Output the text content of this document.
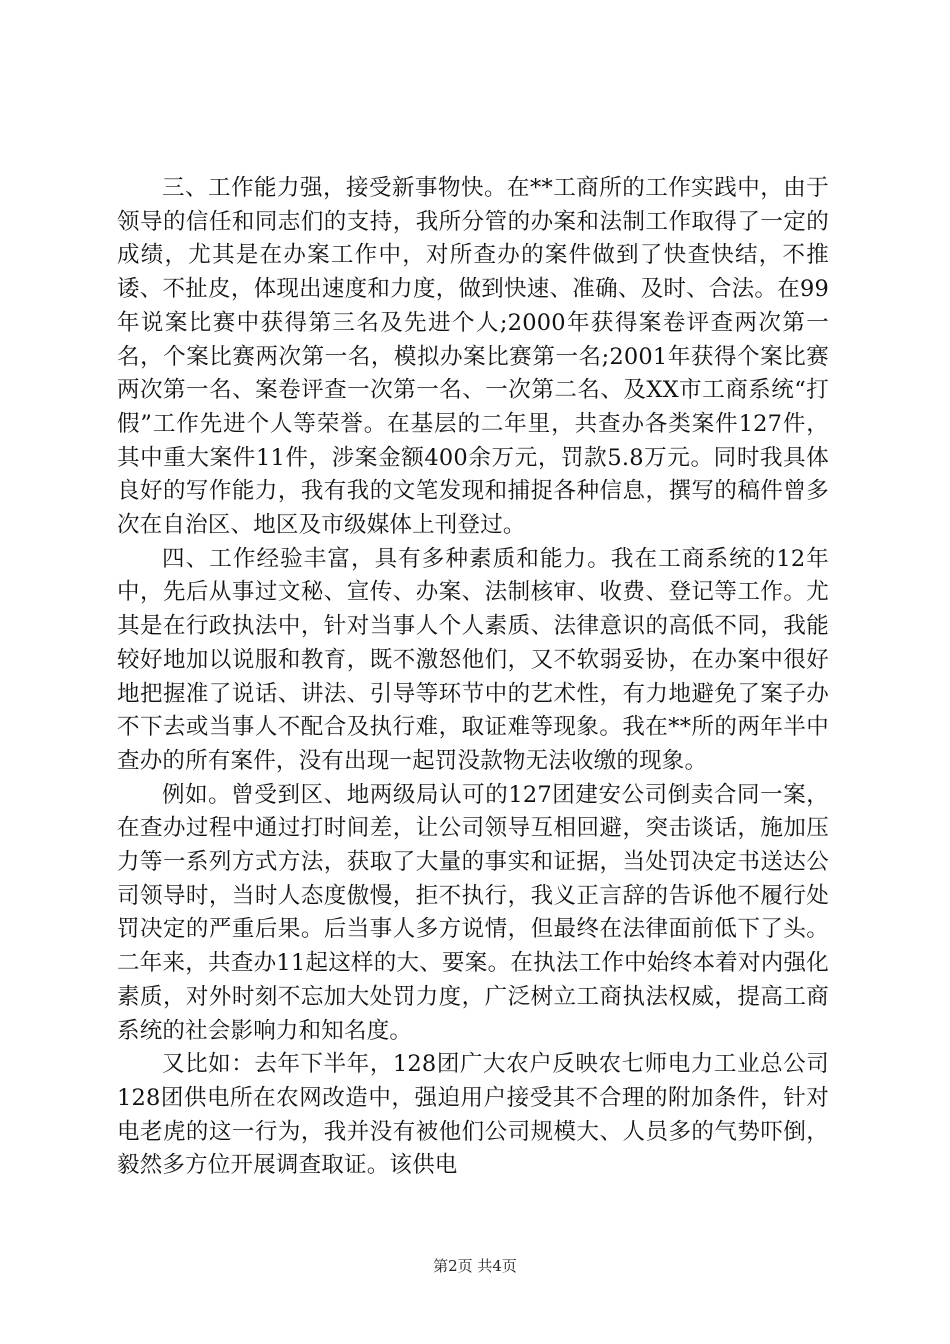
三、工作能力强，接受新事物快。在**工商所的工作实践中，由于领导的信任和同志们的支持，我所分管的办案和法制工作取得了一定的成绩，尤其是在办案工作中，对所查办的案件做到了快查快结，不推诿、不扯皮，体现出速度和力度，做到快速、准确、及时、合法。在99年说案比赛中获得第三名及先进个人;2000年获得案卷评查两次第一名，个案比赛两次第一名，模拟办案比赛第一名;2001年获得个案比赛两次第一名、案卷评查一次第一名、一次第二名、及XX市工商系统“打假”工作先进个人等荣誉。在基层的二年里，共查办各类案件127件，其中重大案件11件，涉案金额400余万元，罚款5.8万元。同时我具体良好的写作能力，我有我的文笔发现和捕捉各种信息，撰写的稿件曾多次在自治区、地区及市级媒体上刊登过。

四、工作经验丰富，具有多种素质和能力。我在工商系统的12年中，先后从事过文秘、宣传、办案、法制核审、收费、登记等工作。尤其是在行政执法中，针对当事人个人素质、法律意识的高低不同，我能较好地加以说服和教育，既不激怒他们，又不软弱妥协，在办案中很好地把握准了说话、讲法、引导等环节中的艺术性，有力地避免了案子办不下去或当事人不配合及执行难，取证难等现象。我在**所的两年半中查办的所有案件，没有出现一起罚没款物无法收缴的现象。

例如。曾受到区、地两级局认可的127团建安公司倒卖合同一案，在查办过程中通过打时间差，让公司领导互相回避，突击谈话，施加压力等一系列方式方法，获取了大量的事实和证据，当处罚决定书送达公司领导时，当时人态度傲慢，拒不执行，我义正言辞的告诉他不履行处罚决定的严重后果。后当事人多方说情，但最终在法律面前低下了头。二年来，共查办11起这样的大、要案。在执法工作中始终本着对内强化素质，对外时刻不忘加大处罚力度，广泛树立工商执法权威，提高工商系统的社会影响力和知名度。

又比如：去年下半年，128团广大农户反映农七师电力工业总公司128团供电所在农网改造中，强迫用户接受其不合理的附加条件，针对电老虎的这一行为，我并没有被他们公司规模大、人员多的气势吓倒，毅然多方位开展调查取证。该供电

第2页 共4页
